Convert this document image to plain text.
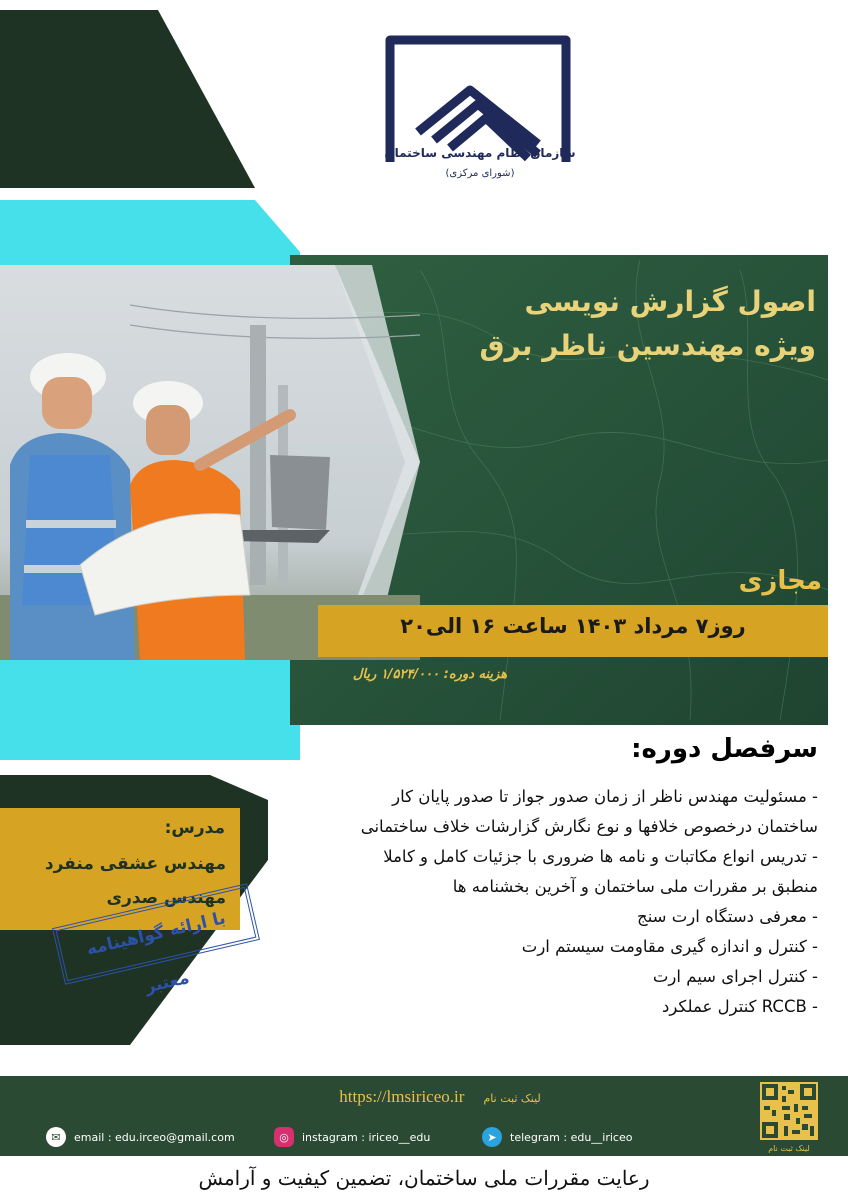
سازمان نظام مهندسی ساختمان
(شورای مرکزی)
اصول گزارش نویسی
ویژه مهندسین ناظر برق
مجازی
روز۷ مرداد ۱۴۰۳ ساعت ۱۶ الی۲۰
هزینه دوره: ۱/۵۲۴/۰۰۰ ریال
سرفصل دوره:
- مسئولیت مهندس ناظر از زمان صدور جواز تا صدور پایان کار
ساختمان درخصوص خلافها و نوع نگارش گزارشات خلاف ساختمانی
- تدریس انواع مکاتبات و نامه ها ضروری با جزئیات کامل و کاملا
منطبق بر مقررات ملی ساختمان و آخرین بخشنامه ها
- معرفی دستگاه ارت سنج
- کنترل و اندازه گیری مقاومت سیستم ارت
- کنترل اجرای سیم ارت
- RCCB کنترل عملکرد
مدرس:
مهندس عشقی منفرد
مهندس صدری
با ارائه گواهینامه معتبر
لینک ثبت نام https://lmsiriceo.ir
✉	email : edu.irceo@gmail.com	◎	instagram : iriceo__edu	➤	telegram : edu__iriceo
لینک ثبت نام
رعایت مقررات ملی ساختمان، تضمین کیفیت و آرامش
